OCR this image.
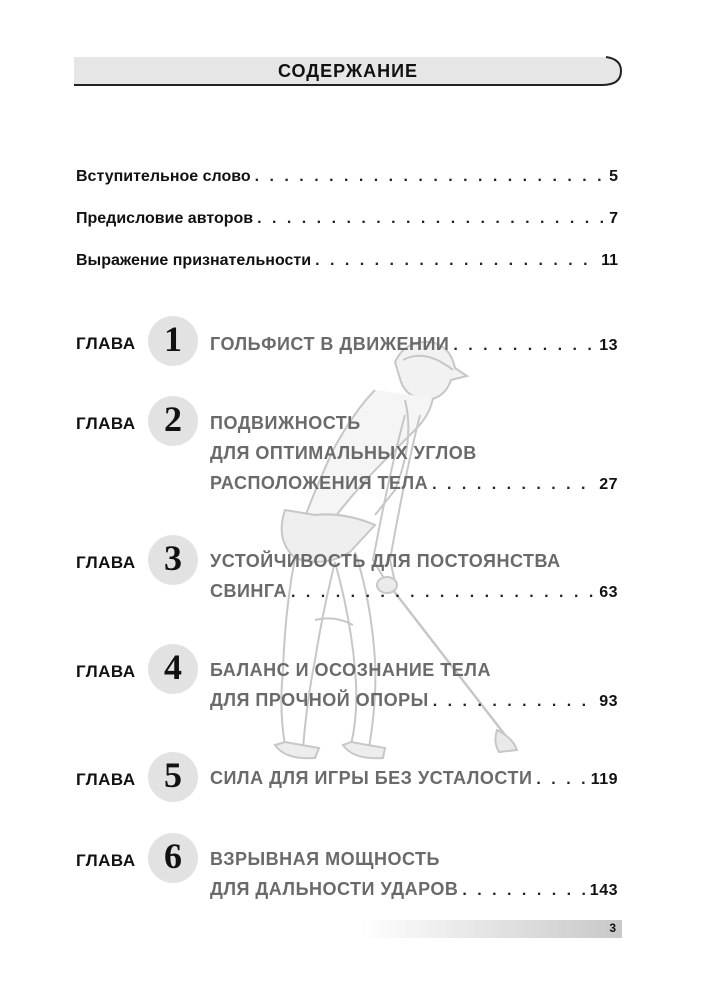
СОДЕРЖАНИЕ
Вступительное слово . . .	5
Предисловие авторов . . .	7
Выражение признательности . . .	11
ГЛАВА 1	ГОЛЬФИСТ В ДВИЖЕНИИ . . .	13
ГЛАВА 2	ПОДВИЖНОСТЬ
ДЛЯ ОПТИМАЛЬНЫХ УГЛОВ
РАСПОЛОЖЕНИЯ ТЕЛА . . .	27
ГЛАВА 3	УСТОЙЧИВОСТЬ ДЛЯ ПОСТОЯНСТВА
СВИНГА . . .	63
ГЛАВА 4	БАЛАНС И ОСОЗНАНИЕ ТЕЛА
ДЛЯ ПРОЧНОЙ ОПОРЫ . . .	93
ГЛАВА 5	СИЛА ДЛЯ ИГРЫ БЕЗ УСТАЛОСТИ . . .	119
ГЛАВА 6	ВЗРЫВНАЯ МОЩНОСТЬ
ДЛЯ ДАЛЬНОСТИ УДАРОВ . . .	143
3
